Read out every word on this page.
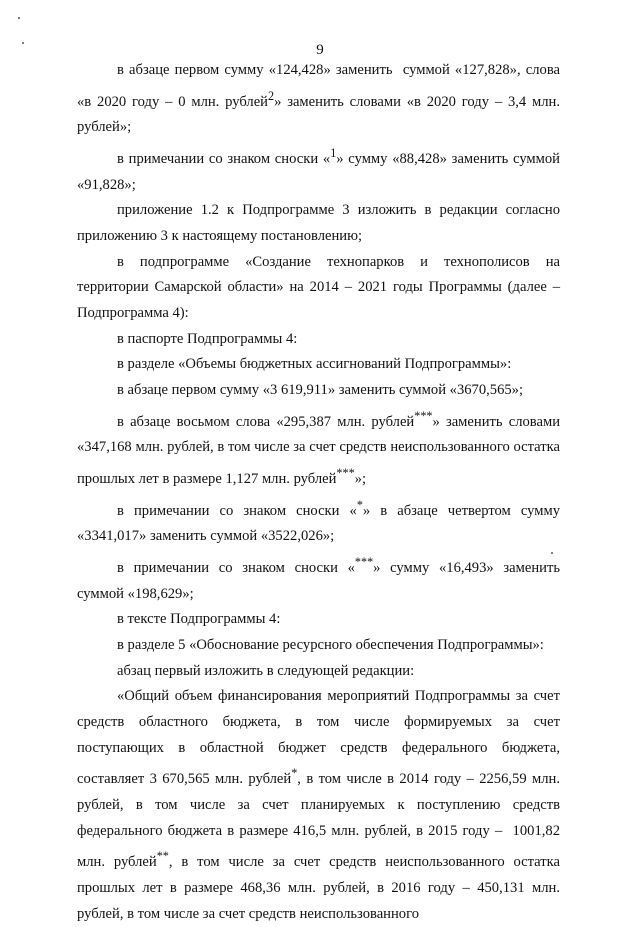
9

в абзаце первом сумму «124,428» заменить  суммой «127,828», слова «в 2020 году – 0 млн. рублей$^2$» заменить словами «в 2020 году – 3,4 млн. рублей»;

в примечании со знаком сноски «$^1$» сумму «88,428» заменить суммой «91,828»;

приложение 1.2 к Подпрограмме 3 изложить в редакции согласно приложению 3 к настоящему постановлению;

в подпрограмме «Создание технопарков и технополисов на территории Самарской области» на 2014 – 2021 годы Программы (далее – Подпрограмма 4):

в паспорте Подпрограммы 4:

в разделе «Объемы бюджетных ассигнований Подпрограммы»:

в абзаце первом сумму «3 619,911» заменить суммой «3670,565»;

в абзаце восьмом слова «295,387 млн. рублей***» заменить словами «347,168 млн. рублей, в том числе за счет средств неиспользованного остатка прошлых лет в размере 1,127 млн. рублей***»;

в примечании со знаком сноски «*» в абзаце четвертом сумму «3341,017» заменить суммой «3522,026»;

в примечании со знаком сноски «***» сумму «16,493» заменить суммой «198,629»;

в тексте Подпрограммы 4:

в разделе 5 «Обоснование ресурсного обеспечения Подпрограммы»:

абзац первый изложить в следующей редакции:

«Общий объем финансирования мероприятий Подпрограммы за счет средств областного бюджета, в том числе формируемых за счет поступающих в областной бюджет средств федерального бюджета, составляет 3 670,565 млн. рублей*, в том числе в 2014 году – 2256,59 млн. рублей, в том числе за счет планируемых к поступлению средств федерального бюджета в размере 416,5 млн. рублей, в 2015 году –  1001,82 млн. рублей**, в том числе за счет средств неиспользованного остатка прошлых лет в размере 468,36 млн. рублей, в 2016 году – 450,131 млн. рублей, в том числе за счет средств неиспользованного
